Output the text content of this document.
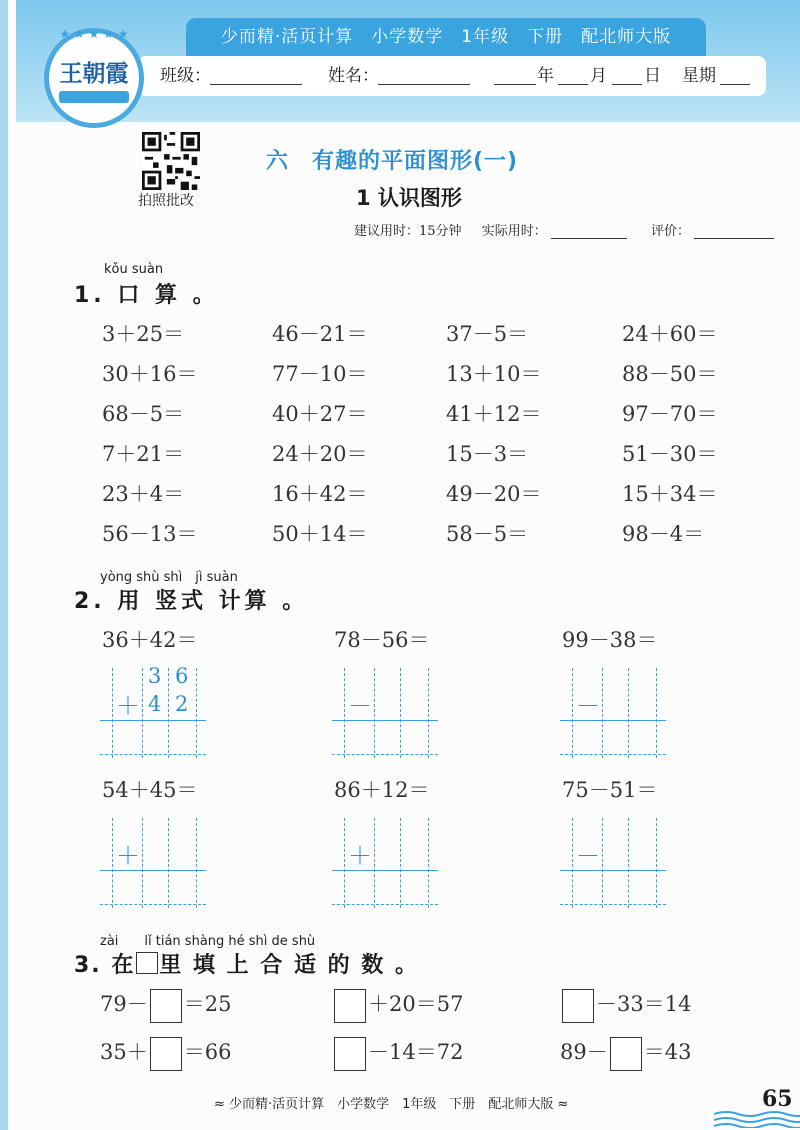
少而精·活页计算　小学数学　1年级　下册　配北师大版
班级：	姓名：	年 月 日 星期
★ ★ ★ ★ ★
王朝霞
拍照批改
六　有趣的平面图形(一)
1 认识图形
建议用时：15分钟 实际用时：	评价：
kǒu suàn
1. 口 算 。
3＋25＝	46－21＝	37－5＝	24＋60＝
30＋16＝	77－10＝	13＋10＝	88－50＝
68－5＝	40＋27＝	41＋12＝	97－70＝
7＋21＝	24＋20＝	15－3＝	51－30＝
23＋4＝	16＋42＝	49－20＝	15＋34＝
56－13＝	50＋14＝	58－5＝	98－4＝
yòng shù shì　jì suàn
2. 用 竖式 计算 。
36＋42＝
＋
3 6
4 2
78－56＝
－
99－38＝
－
54＋45＝
＋
86＋12＝
＋
75－51＝
－
zài　　lǐ tián shàng hé shì de shù
3. 在 里 填 上 合 适 的 数 。
79－ ＝25	＋20＝57	－33＝14
35＋ ＝66	－14＝72	89－ ＝43
≈ 少而精·活页计算　小学数学　1年级　下册　配北师大版 ≈	65
